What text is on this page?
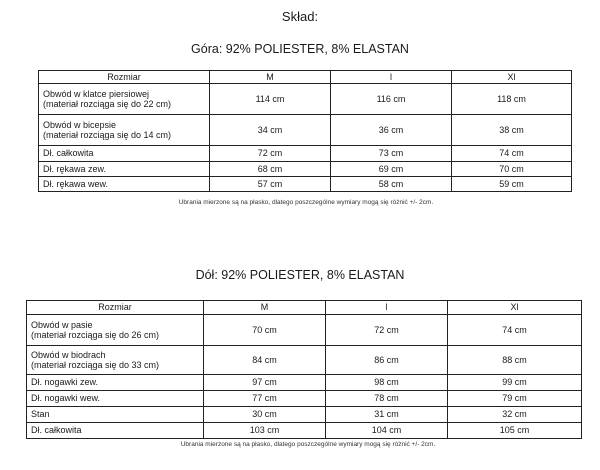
Skład:
Góra: 92% POLIESTER, 8% ELASTAN
Rozmiar	M	l	Xl

Obwód w klatce piersiowej
(materiał rozciąga się do 22 cm)	114 cm	116 cm	118 cm

Obwód w bicepsie
(materiał rozciąga się do 14 cm)	34 cm	36 cm	38 cm
Dł. całkowita	72 cm	73 cm	74 cm
Dł. rękawa zew.	68 cm	69 cm	70 cm
Dł. rękawa wew.	57 cm	58 cm	59 cm
Ubrania mierzone są na płasko, dlatego poszczególne wymiary mogą się różnić +/- 2cm.
Dół: 92% POLIESTER, 8% ELASTAN
Rozmiar	M	l	Xl

Obwód w pasie
(materiał rozciąga się do 26 cm)	70 cm	72 cm	74 cm

Obwód w biodrach
(materiał rozciąga się do 33 cm)	84 cm	86 cm	88 cm
Dł. nogawki zew.	97 cm	98 cm	99 cm
Dł. nogawki wew.	77 cm	78 cm	79 cm
Stan	30 cm	31 cm	32 cm
Dł. całkowita	103 cm	104 cm	105 cm
Ubrania mierzone są na płasko, dlatego poszczególne wymiary mogą się różnić +/- 2cm.
